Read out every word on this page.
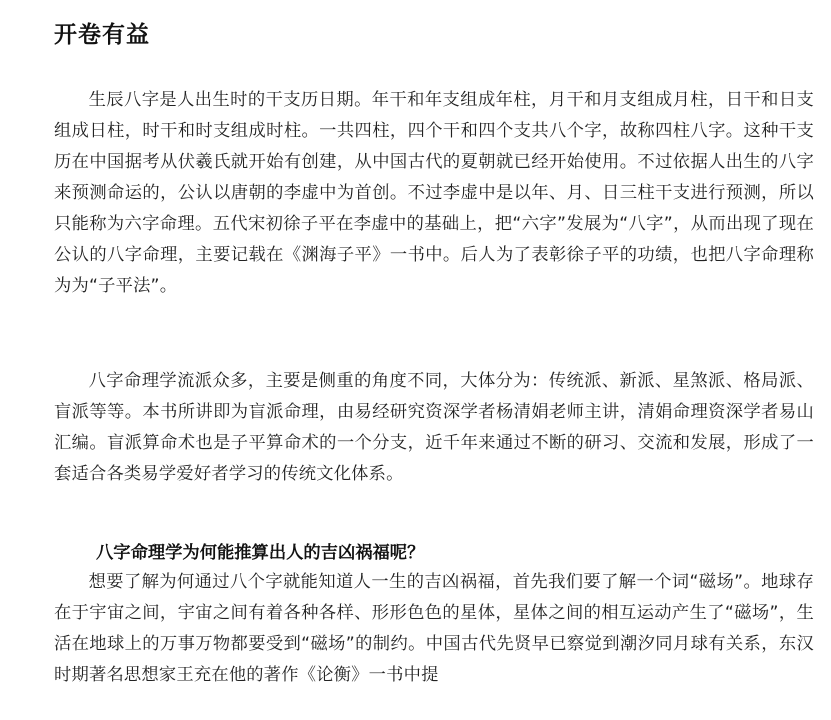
开卷有益

生辰八字是人出生时的干支历日期。年干和年支组成年柱，月干和月支组成月柱，日干和日支组成日柱，时干和时支组成时柱。一共四柱，四个干和四个支共八个字，故称四柱八字。这种干支历在中国据考从伏羲氏就开始有创建，从中国古代的夏朝就已经开始使用。不过依据人出生的八字来预测命运的，公认以唐朝的李虚中为首创。不过李虚中是以年、月、日三柱干支进行预测，所以只能称为六字命理。五代宋初徐子平在李虚中的基础上，把“六字”发展为“八字”，从而出现了现在公认的八字命理，主要记载在《渊海子平》一书中。后人为了表彰徐子平的功绩，也把八字命理称为为“子平法”。

八字命理学流派众多，主要是侧重的角度不同，大体分为：传统派、新派、星煞派、格局派、盲派等等。本书所讲即为盲派命理，由易经研究资深学者杨清娟老师主讲，清娟命理资深学者易山汇编。盲派算命术也是子平算命术的一个分支，近千年来通过不断的研习、交流和发展，形成了一套适合各类易学爱好者学习的传统文化体系。

八字命理学为何能推算出人的吉凶祸福呢？

想要了解为何通过八个字就能知道人一生的吉凶祸福，首先我们要了解一个词“磁场”。地球存在于宇宙之间，宇宙之间有着各种各样、形形色色的星体，星体之间的相互运动产生了“磁场”，生活在地球上的万事万物都要受到“磁场”的制约。中国古代先贤早已察觉到潮汐同月球有关系，东汉时期著名思想家王充在他的著作《论衡》一书中提
